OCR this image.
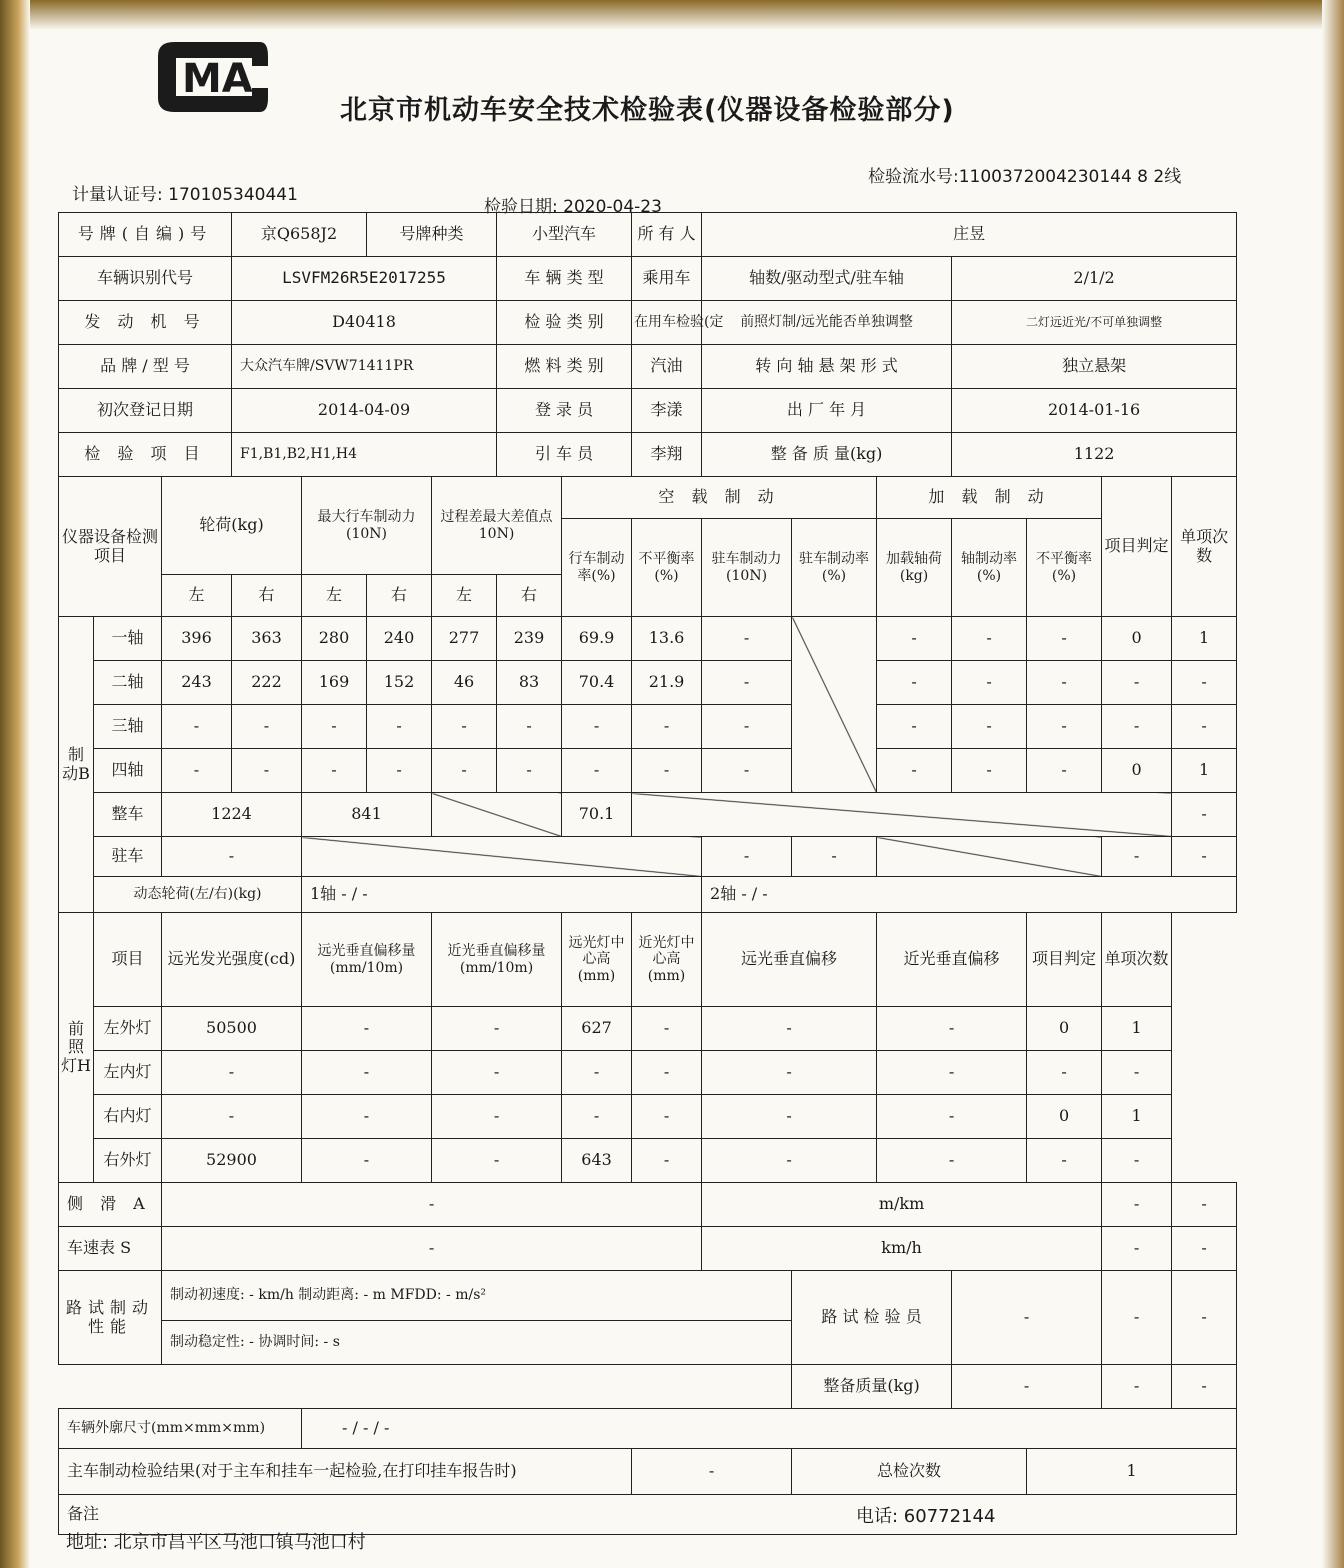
MA
北京市机动车安全技术检验表(仪器设备检验部分)
计量认证号: 170105340441
检验日期: 2020-04-23
检验流水号:1100372004230144 8 2线
号牌(自编)号			京Q658J2		号牌种类		小型汽车		所 有 人	庄昱							
车辆识别代号			LSVFM26R5E2017255				车 辆 类 型		乘用车	轴数/驱动型式/驻车轴			2/1/2				
发 动 机 号			D40418				检 验 类 别		在用车检验(定	前照灯制/远光能否单独调整			二灯远近光/不可单独调整				
品 牌 / 型 号			大众汽车牌/SVW71411PR				燃 料 类 别		汽油	转 向 轴 悬 架 形 式			独立悬架				
初次登记日期			2014-04-09				登 录 员		李漾	出 厂 年 月			2014-01-16				
检 验 项 目			F1,B1,B2,H1,H4				引 车 员		李翔	整 备 质 量(kg)			1122				
仪器设备检测项目		轮荷(kg)		最大行车制动力(10N)		过程差最大差值点 10N)		空 载 制 动				加 载 制 动			项目判定	单项次数	
								行车制动率(%)	不平衡率(%)	驻车制动力(10N)	驻车制动率(%)	加载轴荷(kg)	轴制动率(%)	不平衡率(%)			
		左	右	左	右	左	右										
制动B	一轴	396	363	280	240	277	239	69.9	13.6	-		-	-	-	0	1	
	二轴	243	222	169	152	46	83	70.4	21.9	-		-	-	-	-	-	
	三轴	-	-	-	-	-	-	-	-	-		-	-	-	-	-	
	四轴	-	-	-	-	-	-	-	-	-		-	-	-	0	1	
	整车	1224		841				70.1								-	
	驻车	-								-	-				-	-	
	动态轮荷(左/右)(kg)			1轴 - / -						2轴 - / -							
前照灯H	项目	远光发光强度(cd)		远光垂直偏移量(mm/10m)		近光垂直偏移量(mm/10m)		远光灯中心高(mm)	近光灯中心高(mm)	远光垂直偏移		近光垂直偏移		项目判定	单项次数		
	左外灯	50500		-		-		627	-	-		-		0	1		
	左内灯	-		-		-		-	-	-		-		-	-		
	右内灯	-		-		-		-	-	-		-		0	1		
	右外灯	52900		-		-		643	-	-		-		-	-		
侧 滑 A		-								m/km					-	-	
车速表 S		-								km/h					-	-	
路试制动性能		制动初速度: - km/h 制动距离: - m MFDD: - m/s²									路 试 检 验 员		-		-	-	
		制动稳定性: - 协调时间: - s															
											整备质量(kg)		-		-	-	
车辆外廓尺寸(mm×mm×mm)				- / - / -													
主车制动检验结果(对于主车和挂车一起检验,在打印挂车报告时)									-		总检次数			1			
备注																		电话: 60772144
地址: 北京市昌平区马池口镇马池口村
